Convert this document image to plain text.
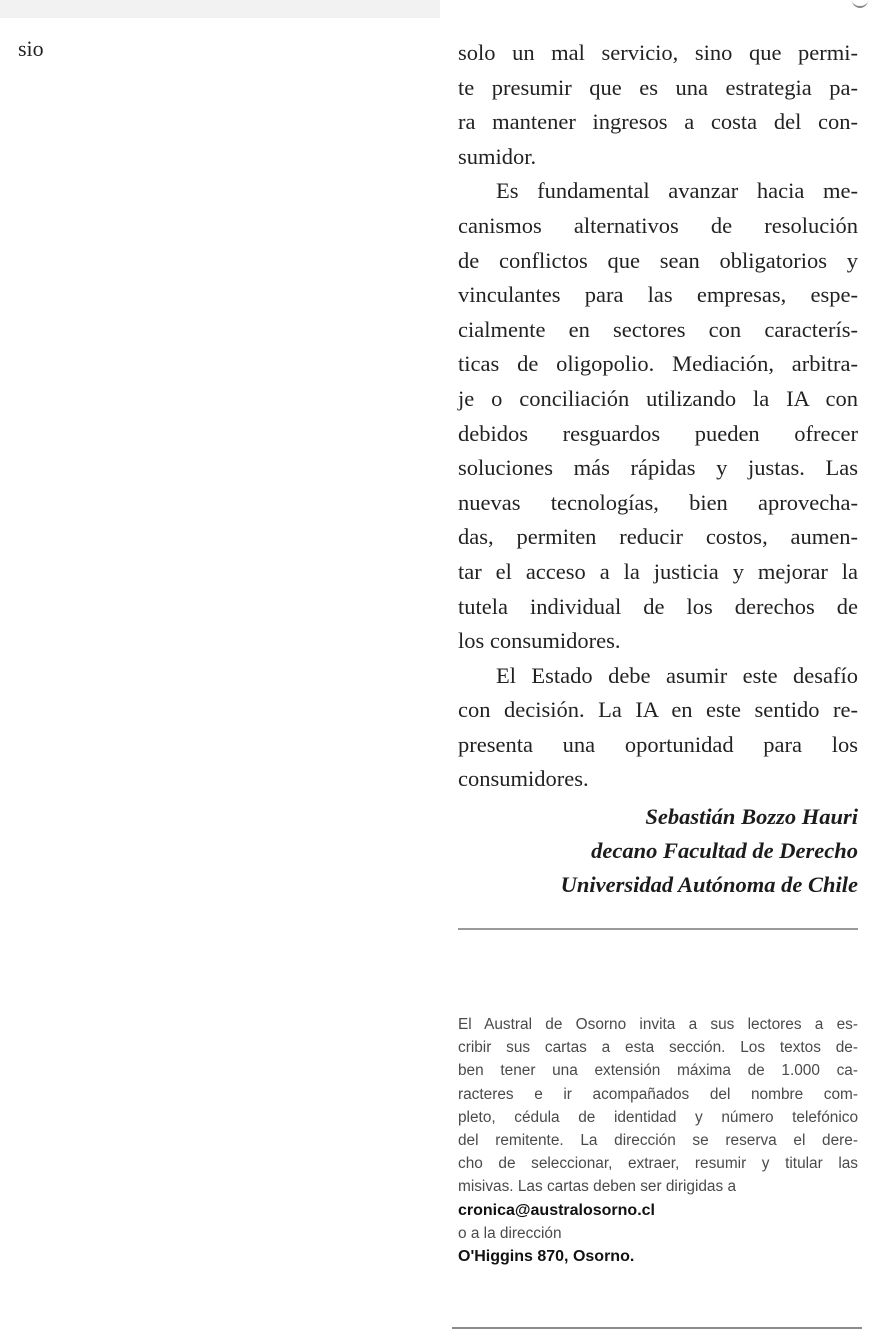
sio	solo un mal servicio, sino que permi-
te presumir que es una estrategia pa-
ra mantener ingresos a costa del con-
sumidor.
Es fundamental avanzar hacia me-
canismos alternativos de resolución
de conflictos que sean obligatorios y
vinculantes para las empresas, espe-
cialmente en sectores con caracterís-
ticas de oligopolio. Mediación, arbitra-
je o conciliación utilizando la IA con
debidos resguardos pueden ofrecer
soluciones más rápidas y justas. Las
nuevas tecnologías, bien aprovecha-
das, permiten reducir costos, aumen-
tar el acceso a la justicia y mejorar la
tutela individual de los derechos de
los consumidores.
El Estado debe asumir este desafío
con decisión. La IA en este sentido re-
presenta una oportunidad para los
consumidores.
Sebastián Bozzo Hauri
decano Facultad de Derecho
Universidad Autónoma de Chile
El Austral de Osorno invita a sus lectores a es-
cribir sus cartas a esta sección. Los textos de-
ben tener una extensión máxima de 1.000 ca-
racteres e ir acompañados del nombre com-
pleto, cédula de identidad y número telefónico
del remitente. La dirección se reserva el dere-
cho de seleccionar, extraer, resumir y titular las
misivas. Las cartas deben ser dirigidas a
cronica@australosorno.cl
o a la dirección
O'Higgins 870, Osorno.
